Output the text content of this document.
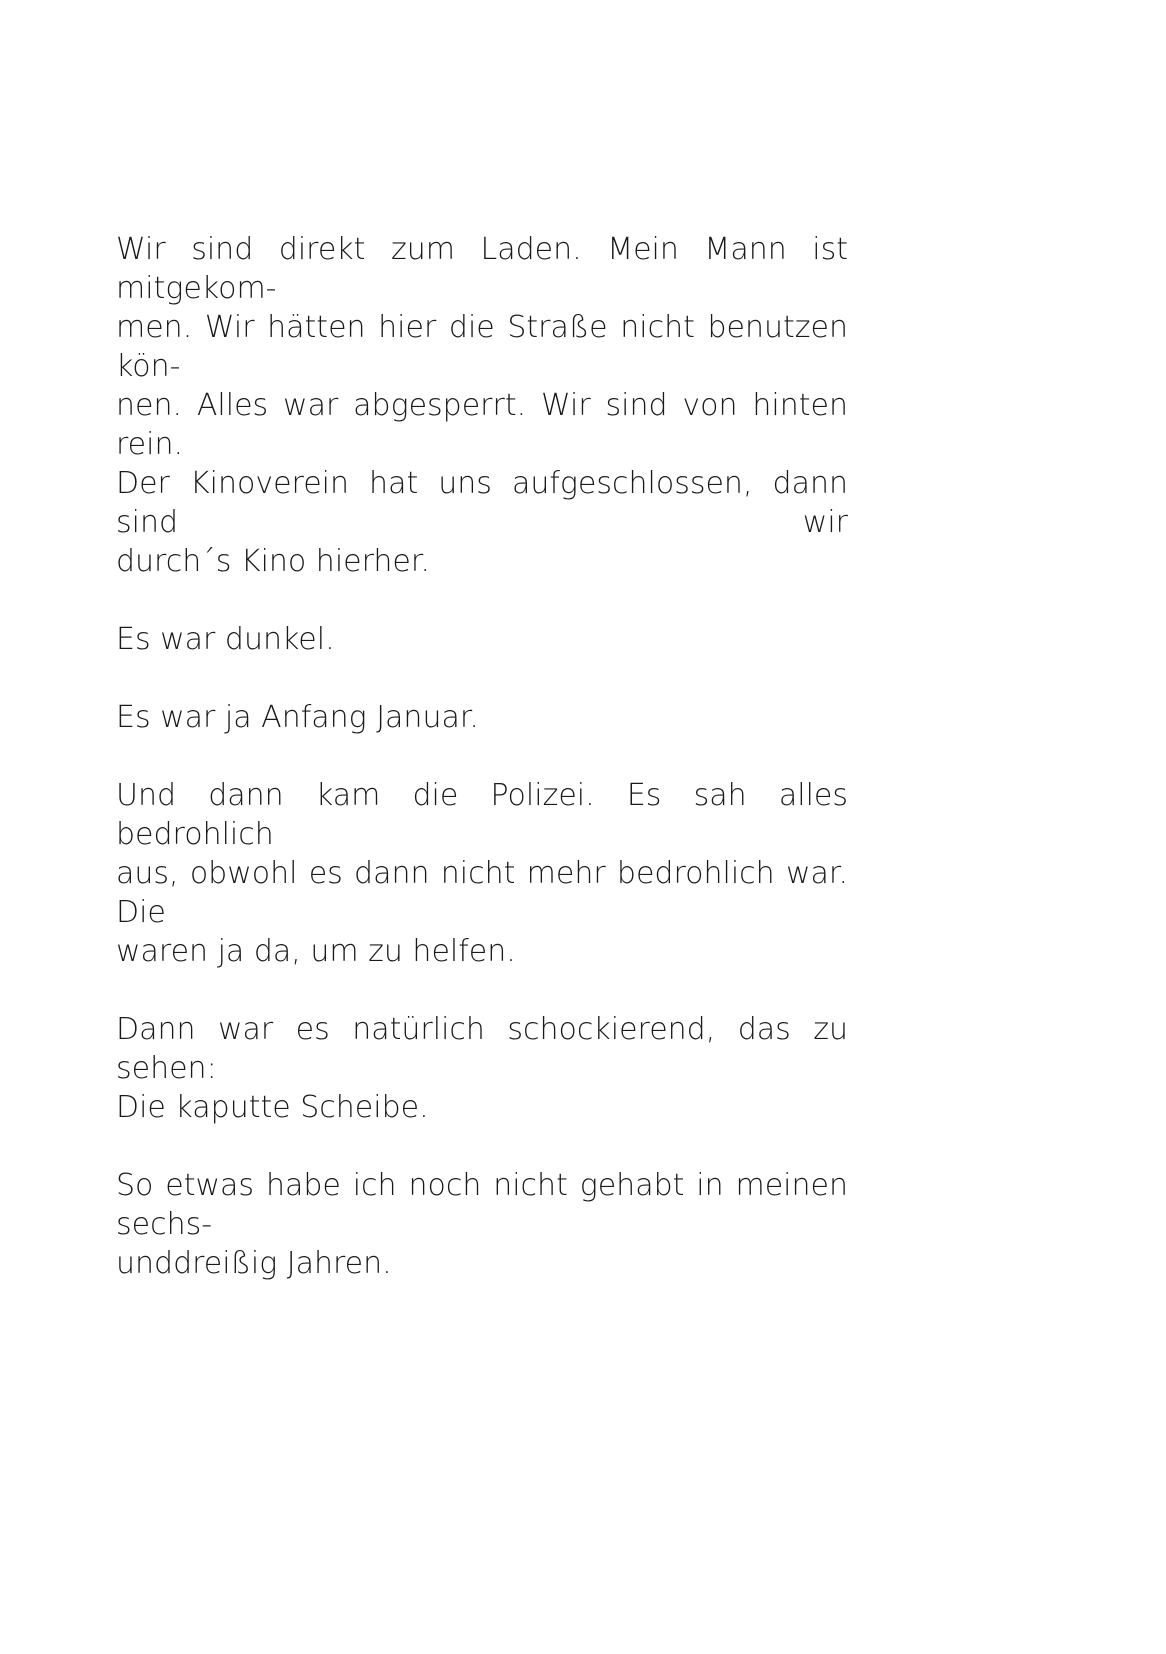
Wir sind direkt zum Laden. Mein Mann ist mitgekom-
men. Wir hätten hier die Straße nicht benutzen kön-
nen. Alles war abgesperrt. Wir sind von hinten rein.
Der Kinoverein hat uns aufgeschlossen, dann sind wir
durch´s Kino hierher.

Es war dunkel.

Es war ja Anfang Januar.

Und dann kam die Polizei. Es sah alles bedrohlich
aus, obwohl es dann nicht mehr bedrohlich war. Die
waren ja da, um zu helfen.

Dann war es natürlich schockierend, das zu sehen:
Die kaputte Scheibe.

So etwas habe ich noch nicht gehabt in meinen sechs-
unddreißig Jahren.
